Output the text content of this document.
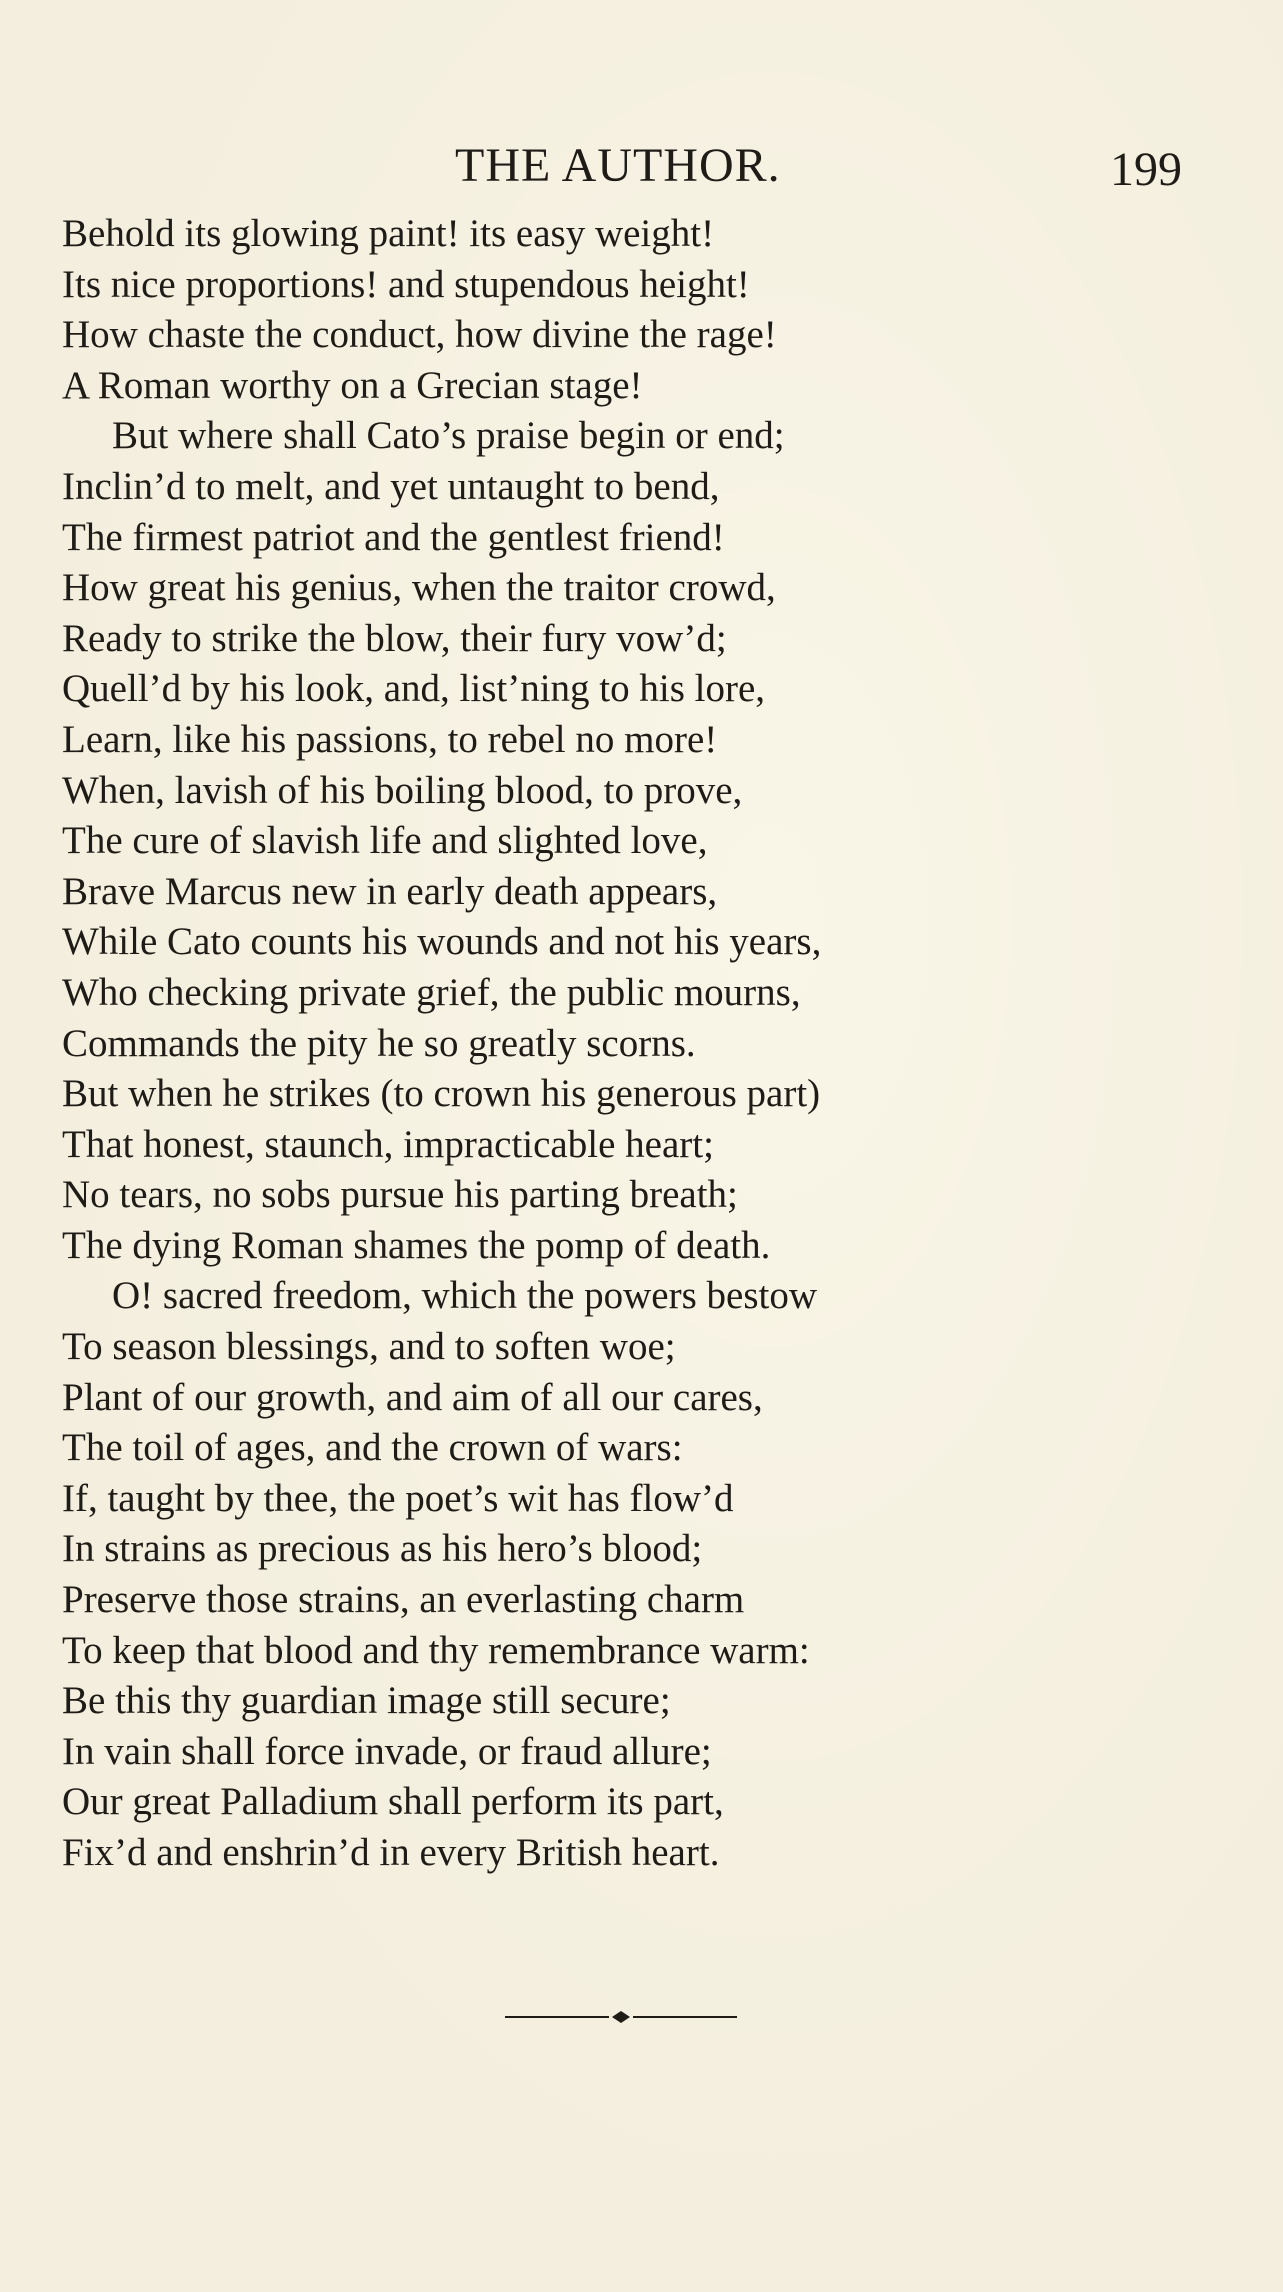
THE AUTHOR.	199
Behold its glowing paint! its easy weight!
Its nice proportions! and stupendous height!
How chaste the conduct, how divine the rage!
A Roman worthy on a Grecian stage!
But where shall Cato’s praise begin or end;
Inclin’d to melt, and yet untaught to bend,
The firmest patriot and the gentlest friend!
How great his genius, when the traitor crowd,
Ready to strike the blow, their fury vow’d;
Quell’d by his look, and, list’ning to his lore,
Learn, like his passions, to rebel no more!
When, lavish of his boiling blood, to prove,
The cure of slavish life and slighted love,
Brave Marcus new in early death appears,
While Cato counts his wounds and not his years,
Who checking private grief, the public mourns,
Commands the pity he so greatly scorns.
But when he strikes (to crown his generous part)
That honest, staunch, impracticable heart;
No tears, no sobs pursue his parting breath;
The dying Roman shames the pomp of death.
O! sacred freedom, which the powers bestow
To season blessings, and to soften woe;
Plant of our growth, and aim of all our cares,
The toil of ages, and the crown of wars:
If, taught by thee, the poet’s wit has flow’d
In strains as precious as his hero’s blood;
Preserve those strains, an everlasting charm
To keep that blood and thy remembrance warm:
Be this thy guardian image still secure;
In vain shall force invade, or fraud allure;
Our great Palladium shall perform its part,
Fix’d and enshrin’d in every British heart.
